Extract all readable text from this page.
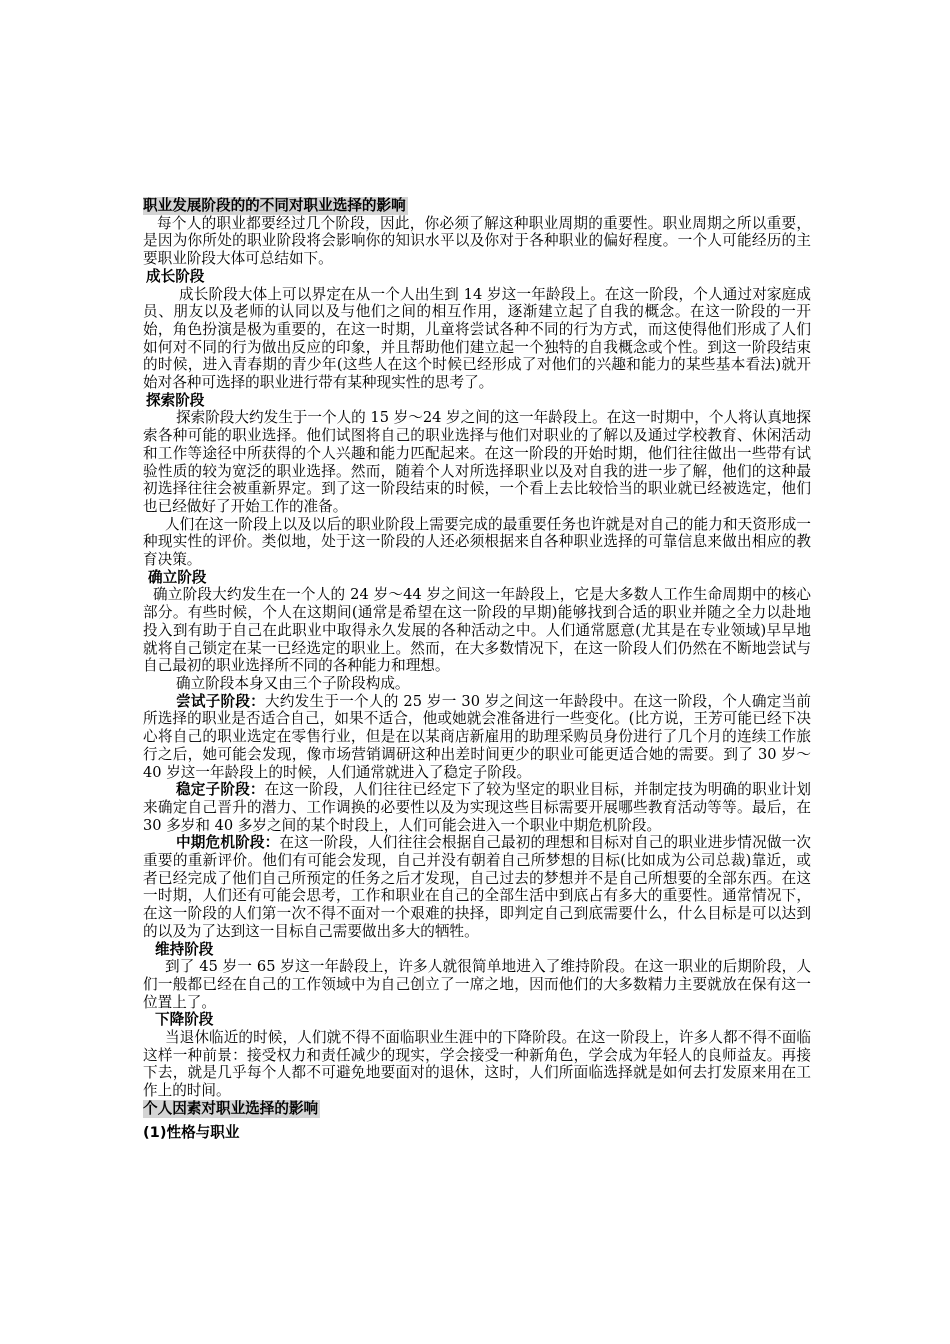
职业发展阶段的的不同对职业选择的影响

每个人的职业都要经过几个阶段，因此，你必须了解这种职业周期的重要性。职业周期之所以重要，是因为你所处的职业阶段将会影响你的知识水平以及你对于各种职业的偏好程度。一个人可能经历的主要职业阶段大体可总结如下。

成长阶段

成长阶段大体上可以界定在从一个人出生到 14 岁这一年龄段上。在这一阶段，个人通过对家庭成员、朋友以及老师的认同以及与他们之间的相互作用，逐渐建立起了自我的概念。在这一阶段的一开始，角色扮演是极为重要的，在这一时期，儿童将尝试各种不同的行为方式，而这使得他们形成了人们如何对不同的行为做出反应的印象，并且帮助他们建立起一个独特的自我概念或个性。到这一阶段结束的时候，进入青春期的青少年(这些人在这个时候已经形成了对他们的兴趣和能力的某些基本看法)就开始对各种可选择的职业进行带有某种现实性的思考了。

探索阶段

探索阶段大约发生于一个人的 15 岁～24 岁之间的这一年龄段上。在这一时期中，个人将认真地探索各种可能的职业选择。他们试图将自己的职业选择与他们对职业的了解以及通过学校教育、休闲活动和工作等途径中所获得的个人兴趣和能力匹配起来。在这一阶段的开始时期，他们往往做出一些带有试验性质的较为宽泛的职业选择。然而，随着个人对所选择职业以及对自我的进一步了解，他们的这种最初选择往往会被重新界定。到了这一阶段结束的时候，一个看上去比较恰当的职业就已经被选定，他们也已经做好了开始工作的准备。

人们在这一阶段上以及以后的职业阶段上需要完成的最重要任务也许就是对自己的能力和天资形成一种现实性的评价。类似地，处于这一阶段的人还必须根据来自各种职业选择的可靠信息来做出相应的教育决策。

确立阶段

确立阶段大约发生在一个人的 24 岁～44 岁之间这一年龄段上，它是大多数人工作生命周期中的核心部分。有些时候，个人在这期间(通常是希望在这一阶段的早期)能够找到合适的职业并随之全力以赴地投入到有助于自己在此职业中取得永久发展的各种活动之中。人们通常愿意(尤其是在专业领域)早早地就将自己锁定在某一已经选定的职业上。然而，在大多数情况下，在这一阶段人们仍然在不断地尝试与自己最初的职业选择所不同的各种能力和理想。

确立阶段本身又由三个子阶段构成。

尝试子阶段：大约发生于一个人的 25 岁一 30 岁之间这一年龄段中。在这一阶段，个人确定当前所选择的职业是否适合自己，如果不适合，他或她就会准备进行一些变化。(比方说，王芳可能已经下决心将自己的职业选定在零售行业，但是在以某商店新雇用的助理采购员身份进行了几个月的连续工作旅行之后，她可能会发现，像市场营销调研这种出差时间更少的职业可能更适合她的需要。到了 30 岁～40 岁这一年龄段上的时候，人们通常就进入了稳定子阶段。

稳定子阶段：在这一阶段，人们往往已经定下了较为坚定的职业目标，并制定技为明确的职业计划来确定自己晋升的潜力、工作调换的必要性以及为实现这些目标需要开展哪些教育活动等等。最后，在 30 多岁和 40 多岁之间的某个时段上，人们可能会进入一个职业中期危机阶段。

中期危机阶段：在这一阶段，人们往往会根据自己最初的理想和目标对自己的职业进步情况做一次重要的重新评价。他们有可能会发现，自己并没有朝着自己所梦想的目标(比如成为公司总裁)靠近，或者已经完成了他们自己所预定的任务之后才发现，自己过去的梦想并不是自己所想要的全部东西。在这一时期，人们还有可能会思考，工作和职业在自己的全部生活中到底占有多大的重要性。通常情况下，在这一阶段的人们第一次不得不面对一个艰难的抉择，即判定自己到底需要什么，什么目标是可以达到的以及为了达到这一目标自己需要做出多大的牺牲。

维持阶段

到了 45 岁一 65 岁这一年龄段上，许多人就很简单地进入了维持阶段。在这一职业的后期阶段，人们一般都已经在自己的工作领域中为自己创立了一席之地，因而他们的大多数精力主要就放在保有这一位置上了。

下降阶段

当退休临近的时候，人们就不得不面临职业生涯中的下降阶段。在这一阶段上，许多人都不得不面临这样一种前景：接受权力和责任减少的现实，学会接受一种新角色，学会成为年轻人的良师益友。再接下去，就是几乎每个人都不可避免地要面对的退休，这时，人们所面临选择就是如何去打发原来用在工作上的时间。

个人因素对职业选择的影响

(1)性格与职业
